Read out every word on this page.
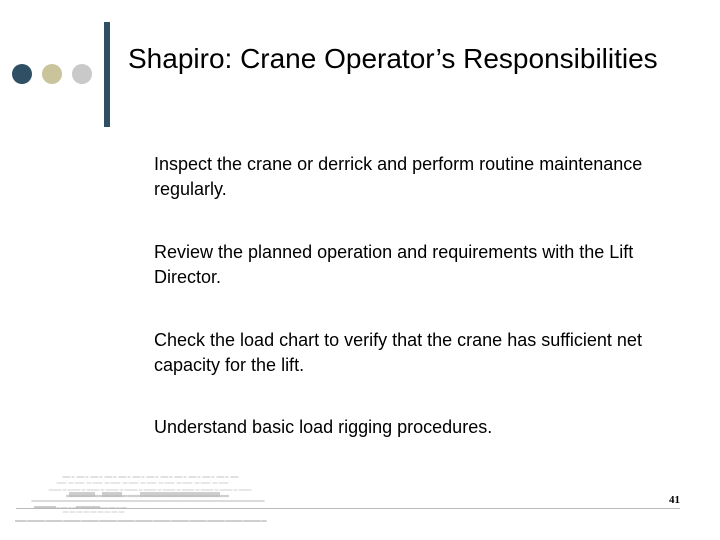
Shapiro: Crane Operator’s Responsibilities
Inspect the crane or derrick and perform routine maintenance regularly.
Review the planned operation and requirements with the Lift Director.
Check the load chart to verify that the crane has sufficient net capacity for the lift.
Understand basic load rigging procedures.
41
